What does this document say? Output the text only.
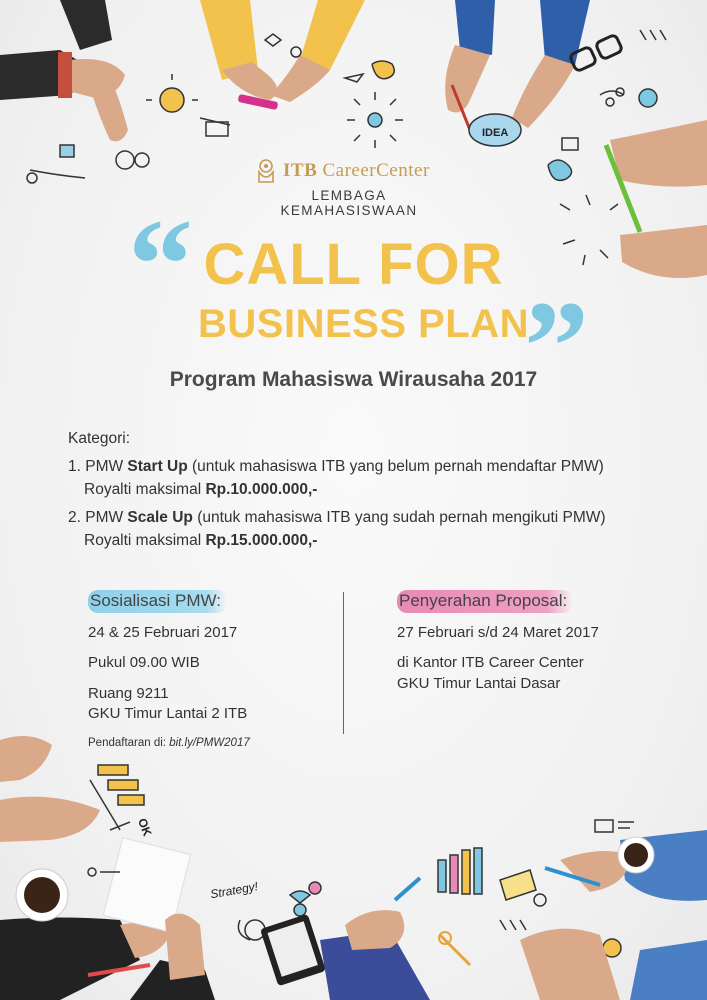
IDEA
Strategy!
OK
ITB CareerCenter
LEMBAGA KEMAHASISWAAN
“ CALL FOR
BUSINESS PLAN
”
Program Mahasiswa Wirausaha 2017
Kategori:
1. PMW Start Up (untuk mahasiswa ITB yang belum pernah mendaftar PMW)
Royalti maksimal Rp.10.000.000,-
2. PMW Scale Up (untuk mahasiswa ITB yang sudah pernah mengikuti PMW)
Royalti maksimal Rp.15.000.000,-
Sosialisasi PMW:

24 & 25 Februari 2017

Pukul 09.00 WIB

Ruang 9211
GKU Timur Lantai 2 ITB

Pendaftaran di: bit.ly/PMW2017

Penyerahan Proposal:

27 Februari s/d 24 Maret 2017

di Kantor ITB Career Center
GKU Timur Lantai Dasar
